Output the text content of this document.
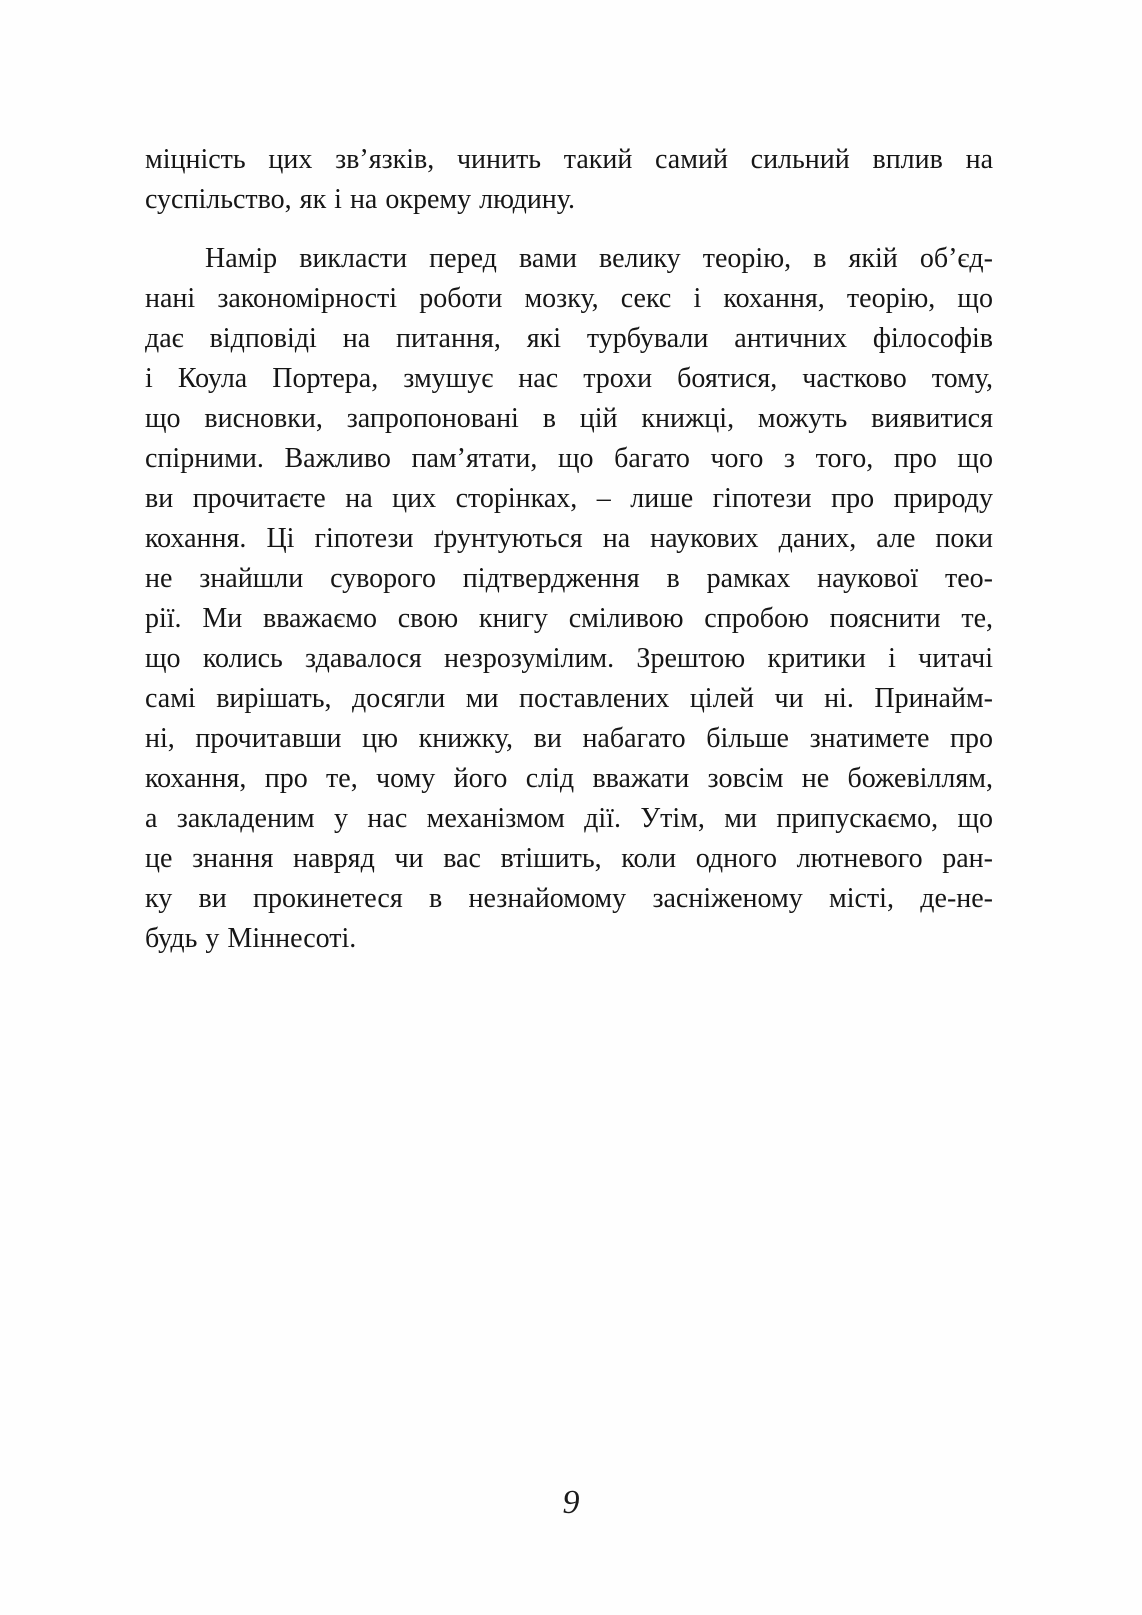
міцність цих зв’язків, чинить такий самий сильний вплив на
суспільство, як і на окрему людину.
Намір викласти перед вами велику теорію, в якій об’єд-
нані закономірності роботи мозку, секс і кохання, теорію, що
дає відповіді на питання, які турбували античних філософів
і Коула Портера, змушує нас трохи боятися, частково тому,
що висновки, запропоновані в цій книжці, можуть виявитися
спірними. Важливо пам’ятати, що багато чого з того, про що
ви прочитаєте на цих сторінках, – лише гіпотези про природу
кохання. Ці гіпотези ґрунтуються на наукових даних, але поки
не знайшли суворого підтвердження в рамках наукової тео-
рії. Ми вважаємо свою книгу сміливою спробою пояснити те,
що колись здавалося незрозумілим. Зрештою критики і читачі
самі вирішать, досягли ми поставлених цілей чи ні. Принайм-
ні, прочитавши цю книжку, ви набагато більше знатимете про
кохання, про те, чому його слід вважати зовсім не божевіллям,
а закладеним у нас механізмом дії. Утім, ми припускаємо, що
це знання навряд чи вас втішить, коли одного лютневого ран-
ку ви прокинетеся в незнайомому засніженому місті, де-не-
будь у Міннесоті.
9
